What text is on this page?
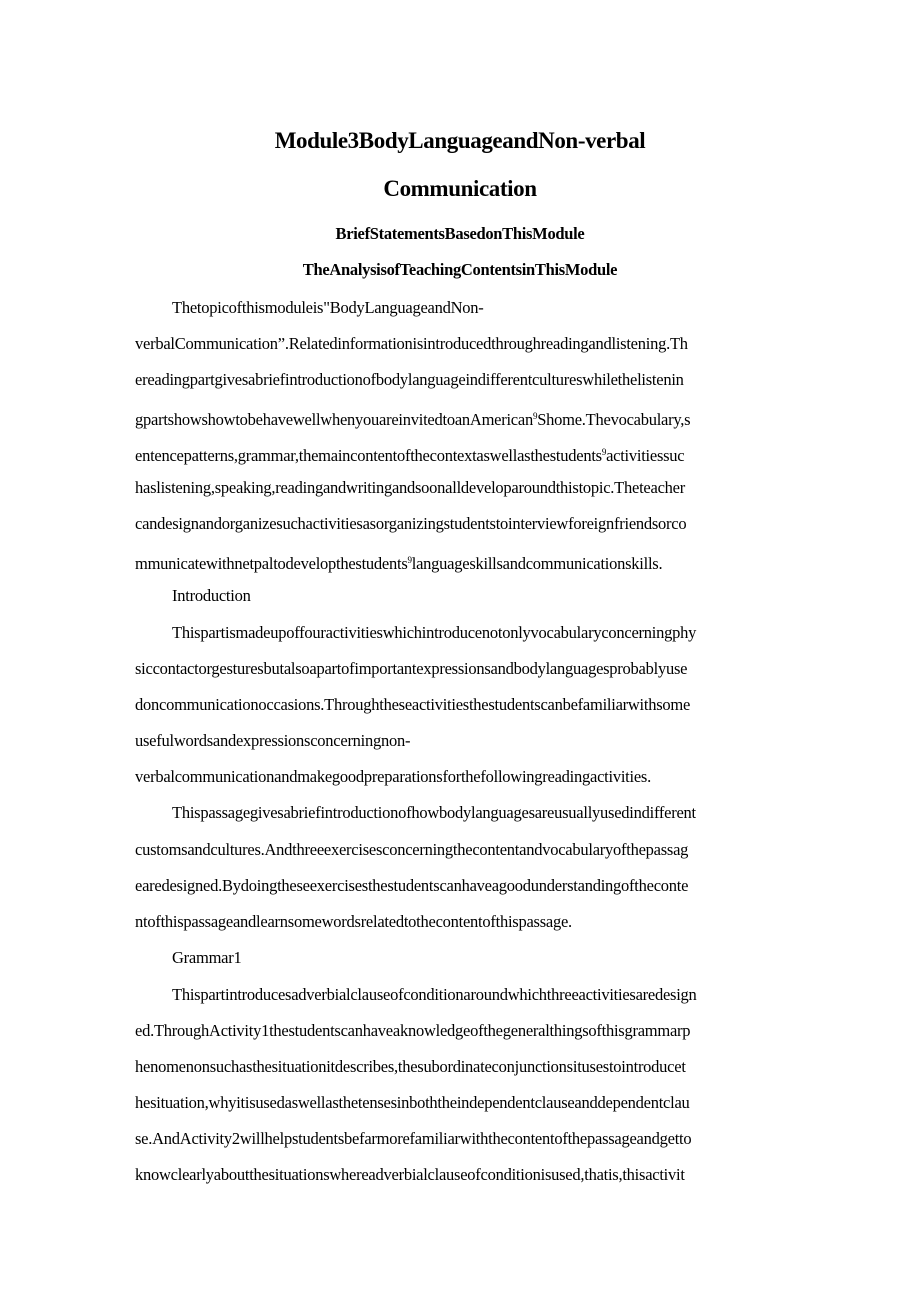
Module3BodyLanguageandNon-verbal
Communication
BriefStatementsBasedonThisModule
TheAnalysisofTeachingContentsinThisModule
Thetopicofthismoduleis"BodyLanguageandNon-
verbalCommunication”.Relatedinformationisintroducedthroughreadingandlistening.Th
ereadingpartgivesabriefintroductionofbodylanguageindifferentcultureswhilethelistenin
gpartshowshowtobehavewellwhenyouareinvitedtoanAmerican$^9$Shome.Thevocabulary,s
entencepatterns,grammar,themaincontentofthecontextaswellasthestudents$^9$activitiessuc
haslistening,speaking,readingandwritingandsoonalldeveloparoundthistopic.Theteacher
candesignandorganizesuchactivitiesasorganizingstudentstointerviewforeignfriendsorco
mmunicatewithnetpaltodevelopthestudents$^9$languageskillsandcommunicationskills.
Introduction
Thispartismadeupoffouractivitieswhichintroducenotonlyvocabularyconcerningphy
siccontactorgesturesbutalsoapartofimportantexpressionsandbodylanguagesprobablyuse
doncommunicationoccasions.Throughtheseactivitiesthestudentscanbefamiliarwithsome
usefulwordsandexpressionsconcerningnon-
verbalcommunicationandmakegoodpreparationsforthefollowingreadingactivities.
Thispassagegivesabriefintroductionofhowbodylanguagesareusuallyusedindifferent
customsandcultures.Andthreeexercisesconcerningthecontentandvocabularyofthepassag
earedesigned.Bydoingtheseexercisesthestudentscanhaveagoodunderstandingoftheconte
ntofthispassageandlearnsomewordsrelatedtothecontentofthispassage.
Grammar1
Thispartintroducesadverbialclauseofconditionaroundwhichthreeactivitiesaredesign
ed.ThroughActivity1thestudentscanhaveaknowledgeofthegeneralthingsofthisgrammarp
henomenonsuchasthesituationitdescribes,thesubordinateconjunctionsitusestointroducet
hesituation,whyitisusedaswellasthetensesinboththeindependentclauseanddependentclau
se.AndActivity2willhelpstudentsbefarmorefamiliarwiththecontentofthepassageandgetto
knowclearlyaboutthesituationswhereadverbialclauseofconditionisused,thatis,thisactivit
